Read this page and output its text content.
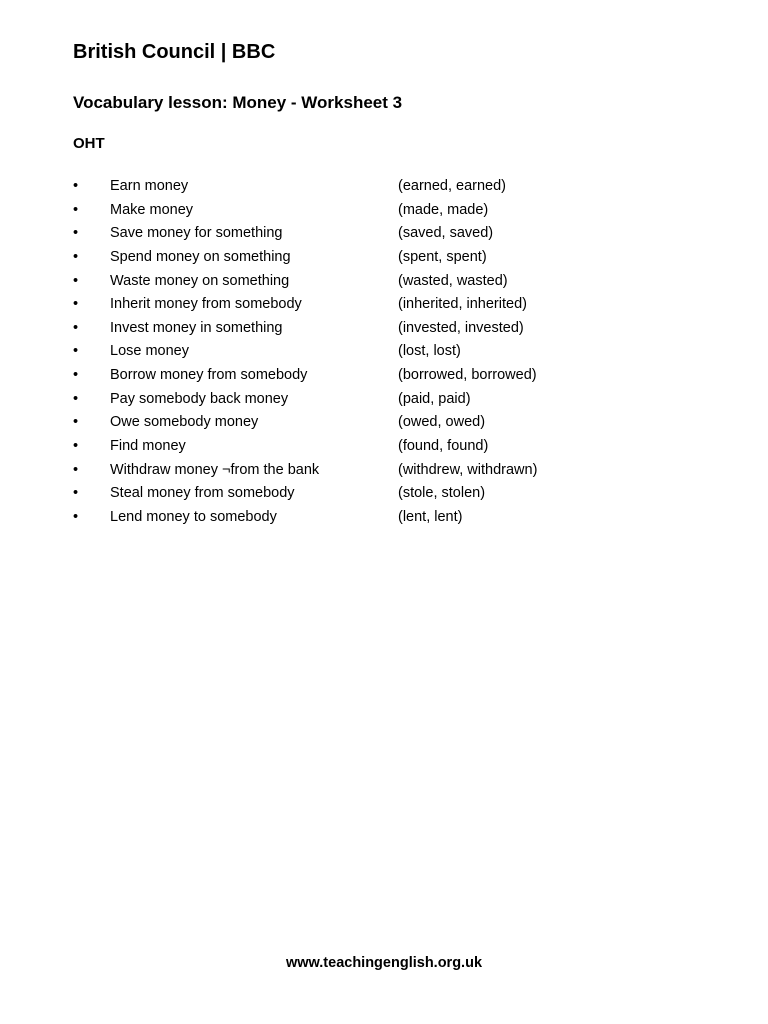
British Council | BBC
Vocabulary lesson: Money - Worksheet 3
OHT
•	Earn money	(earned, earned)
•	Make money	(made, made)
•	Save money for something	(saved, saved)
•	Spend money on something	(spent, spent)
•	Waste money on something	(wasted, wasted)
•	Inherit money from somebody	(inherited, inherited)
•	Invest money in something	(invested, invested)
•	Lose money	(lost, lost)
•	Borrow money from somebody	(borrowed, borrowed)
•	Pay somebody back money	(paid, paid)
•	Owe somebody money	(owed, owed)
•	Find money	(found, found)
•	Withdraw money ¬from the bank	(withdrew, withdrawn)
•	Steal money from somebody	(stole, stolen)
•	Lend money to somebody	(lent, lent)
www.teachingenglish.org.uk
